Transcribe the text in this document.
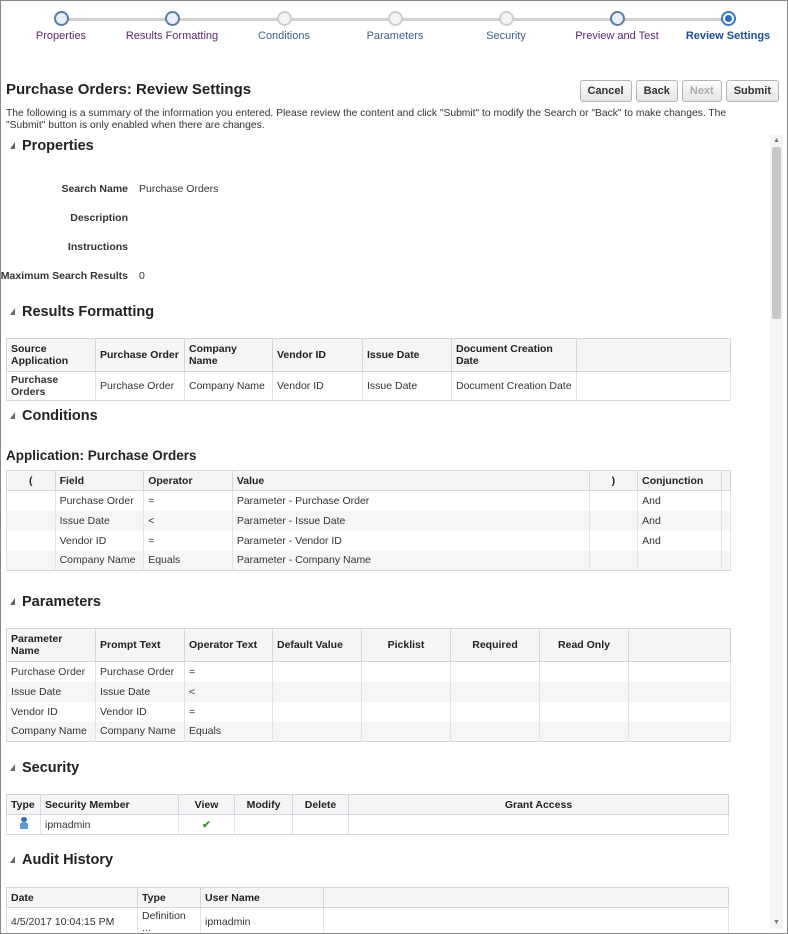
Properties	Results Formatting	Conditions	Parameters	Security	Preview and Test	Review Settings
Purchase Orders: Review Settings	Cancel	Back	Next	Submit
The following is a summary of the information you entered. Please review the content and click "Submit" to modify the Search or "Back" to make changes. The "Submit" button is only enabled when there are changes.
Properties
Search Name Purchase Orders
Description
Instructions
Maximum Search Results 0
Results Formatting
Source Application	Purchase Order	Company Name	Vendor ID	Issue Date	Document Creation Date	
Purchase Orders	Purchase Order	Company Name	Vendor ID	Issue Date	Document Creation Date	
Conditions
Application: Purchase Orders
(	Field	Operator	Value	)	Conjunction	
	Purchase Order	=	Parameter - Purchase Order		And	
	Issue Date	<	Parameter - Issue Date		And	
	Vendor ID	=	Parameter - Vendor ID		And	
	Company Name	Equals	Parameter - Company Name			
Parameters
Parameter Name	Prompt Text	Operator Text	Default Value	Picklist	Required	Read Only	
Purchase Order	Purchase Order	=					
Issue Date	Issue Date	<					
Vendor ID	Vendor ID	=					
Company Name	Company Name	Equals					
Security
Type	Security Member	View	Modify	Delete	Grant Access
	ipmadmin	✔			
Audit History
Date	Type	User Name	
4/5/2017 10:04:15 PM	Definition ...	ipmadmin	
▲
▼
